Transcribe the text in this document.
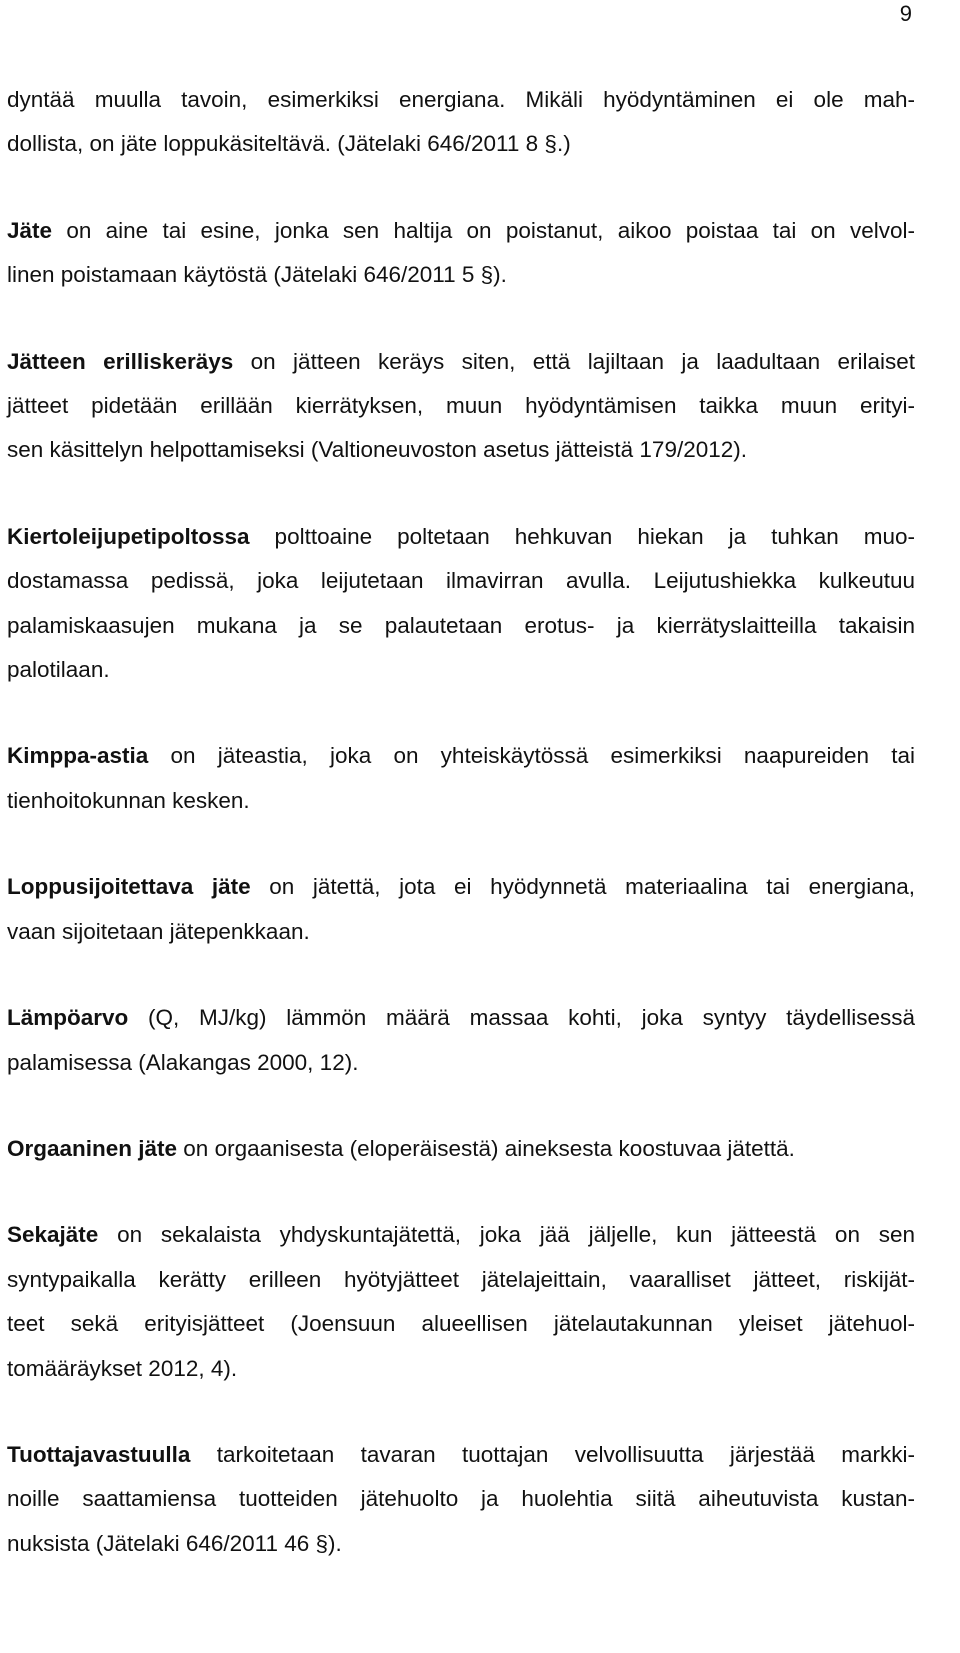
9
dyntää muulla tavoin, esimerkiksi energiana. Mikäli hyödyntäminen ei ole mah-
dollista, on jäte loppukäsiteltävä. (Jätelaki 646/2011 8 §.)
Jäte on aine tai esine, jonka sen haltija on poistanut, aikoo poistaa tai on velvol-
linen poistamaan käytöstä (Jätelaki 646/2011 5 §).
Jätteen erilliskeräys on jätteen keräys siten, että lajiltaan ja laadultaan erilaiset
jätteet pidetään erillään kierrätyksen, muun hyödyntämisen taikka muun erityi-
sen käsittelyn helpottamiseksi (Valtioneuvoston asetus jätteistä 179/2012).
Kiertoleijupetipoltossa polttoaine poltetaan hehkuvan hiekan ja tuhkan muo-
dostamassa pedissä, joka leijutetaan ilmavirran avulla. Leijutushiekka kulkeutuu
palamiskaasujen mukana ja se palautetaan erotus- ja kierrätyslaitteilla takaisin
palotilaan.
Kimppa-astia on jäteastia, joka on yhteiskäytössä esimerkiksi naapureiden tai
tienhoitokunnan kesken.
Loppusijoitettava jäte on jätettä, jota ei hyödynnetä materiaalina tai energiana,
vaan sijoitetaan jätepenkkaan.
Lämpöarvo (Q, MJ/kg) lämmön määrä massaa kohti, joka syntyy täydellisessä
palamisessa (Alakangas 2000, 12).
Orgaaninen jäte on orgaanisesta (eloperäisestä) aineksesta koostuvaa jätettä.
Sekajäte on sekalaista yhdyskuntajätettä, joka jää jäljelle, kun jätteestä on sen
syntypaikalla kerätty erilleen hyötyjätteet jätelajeittain, vaaralliset jätteet, riskijät-
teet sekä erityisjätteet (Joensuun alueellisen jätelautakunnan yleiset jätehuol-
tomääräykset 2012, 4).
Tuottajavastuulla tarkoitetaan tavaran tuottajan velvollisuutta järjestää markki-
noille saattamiensa tuotteiden jätehuolto ja huolehtia siitä aiheutuvista kustan-
nuksista (Jätelaki 646/2011 46 §).
